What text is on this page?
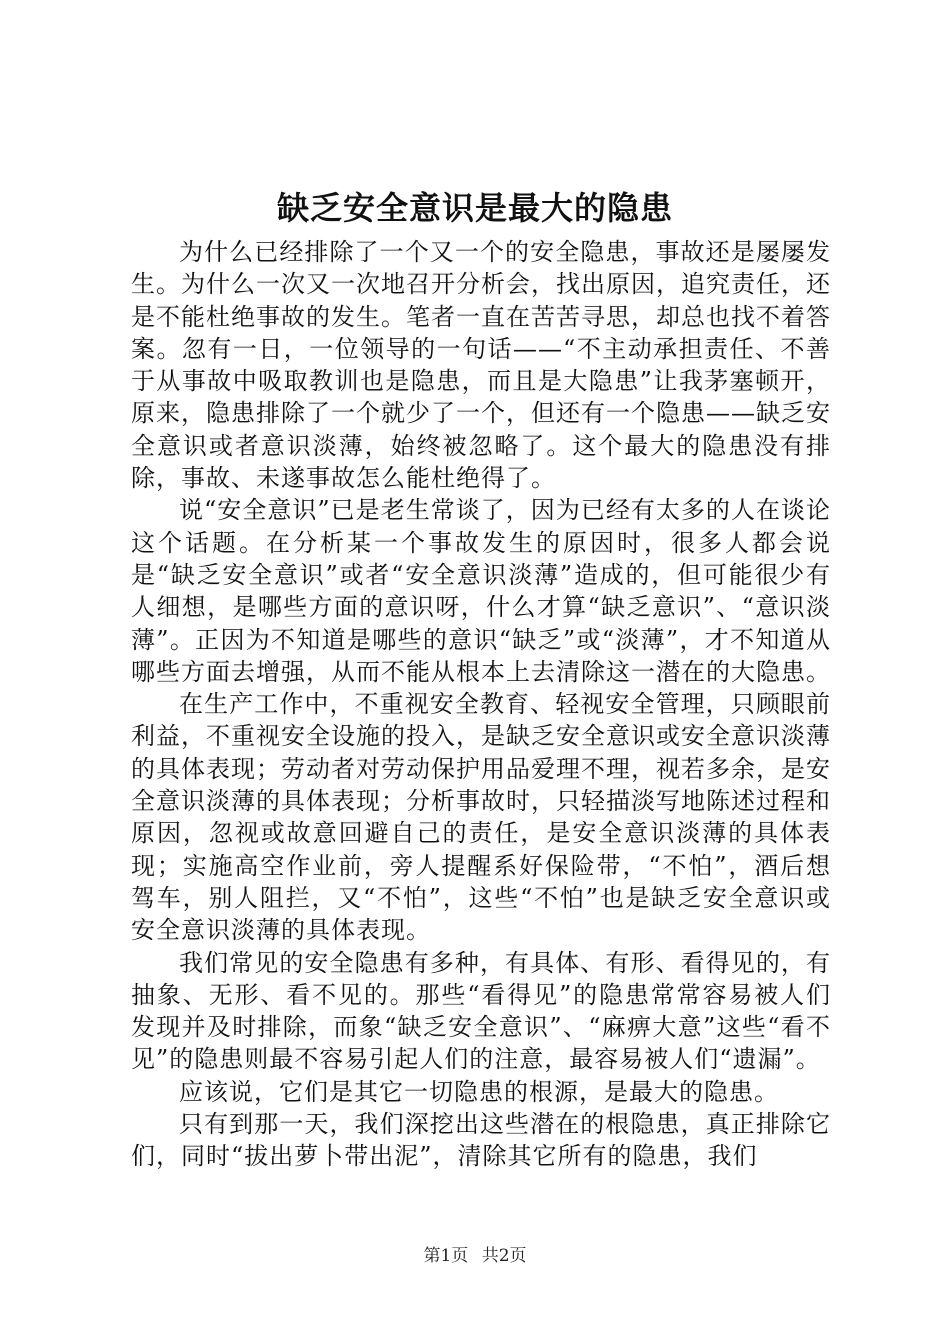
缺乏安全意识是最大的隐患

为什么已经排除了一个又一个的安全隐患，事故还是屡屡发生。为什么一次又一次地召开分析会，找出原因，追究责任，还是不能杜绝事故的发生。笔者一直在苦苦寻思，却总也找不着答案。忽有一日，一位领导的一句话——“不主动承担责任、不善于从事故中吸取教训也是隐患，而且是大隐患”让我茅塞顿开，原来，隐患排除了一个就少了一个，但还有一个隐患——缺乏安全意识或者意识淡薄，始终被忽略了。这个最大的隐患没有排除，事故、未遂事故怎么能杜绝得了。

说“安全意识”已是老生常谈了，因为已经有太多的人在谈论这个话题。在分析某一个事故发生的原因时，很多人都会说是“缺乏安全意识”或者“安全意识淡薄”造成的，但可能很少有人细想，是哪些方面的意识呀，什么才算“缺乏意识”、“意识淡薄”。正因为不知道是哪些的意识“缺乏”或“淡薄”，才不知道从哪些方面去增强，从而不能从根本上去清除这一潜在的大隐患。

在生产工作中，不重视安全教育、轻视安全管理，只顾眼前利益，不重视安全设施的投入，是缺乏安全意识或安全意识淡薄的具体表现；劳动者对劳动保护用品爱理不理，视若多余，是安全意识淡薄的具体表现；分析事故时，只轻描淡写地陈述过程和原因，忽视或故意回避自己的责任，是安全意识淡薄的具体表现；实施高空作业前，旁人提醒系好保险带，“不怕”，酒后想驾车，别人阻拦，又“不怕”，这些“不怕”也是缺乏安全意识或安全意识淡薄的具体表现。

我们常见的安全隐患有多种，有具体、有形、看得见的，有抽象、无形、看不见的。那些“看得见”的隐患常常容易被人们发现并及时排除，而象“缺乏安全意识”、“麻痹大意”这些“看不见”的隐患则最不容易引起人们的注意，最容易被人们“遗漏”。

应该说，它们是其它一切隐患的根源，是最大的隐患。

只有到那一天，我们深挖出这些潜在的根隐患，真正排除它们，同时“拔出萝卜带出泥”，清除其它所有的隐患，我们

第1页 共2页
